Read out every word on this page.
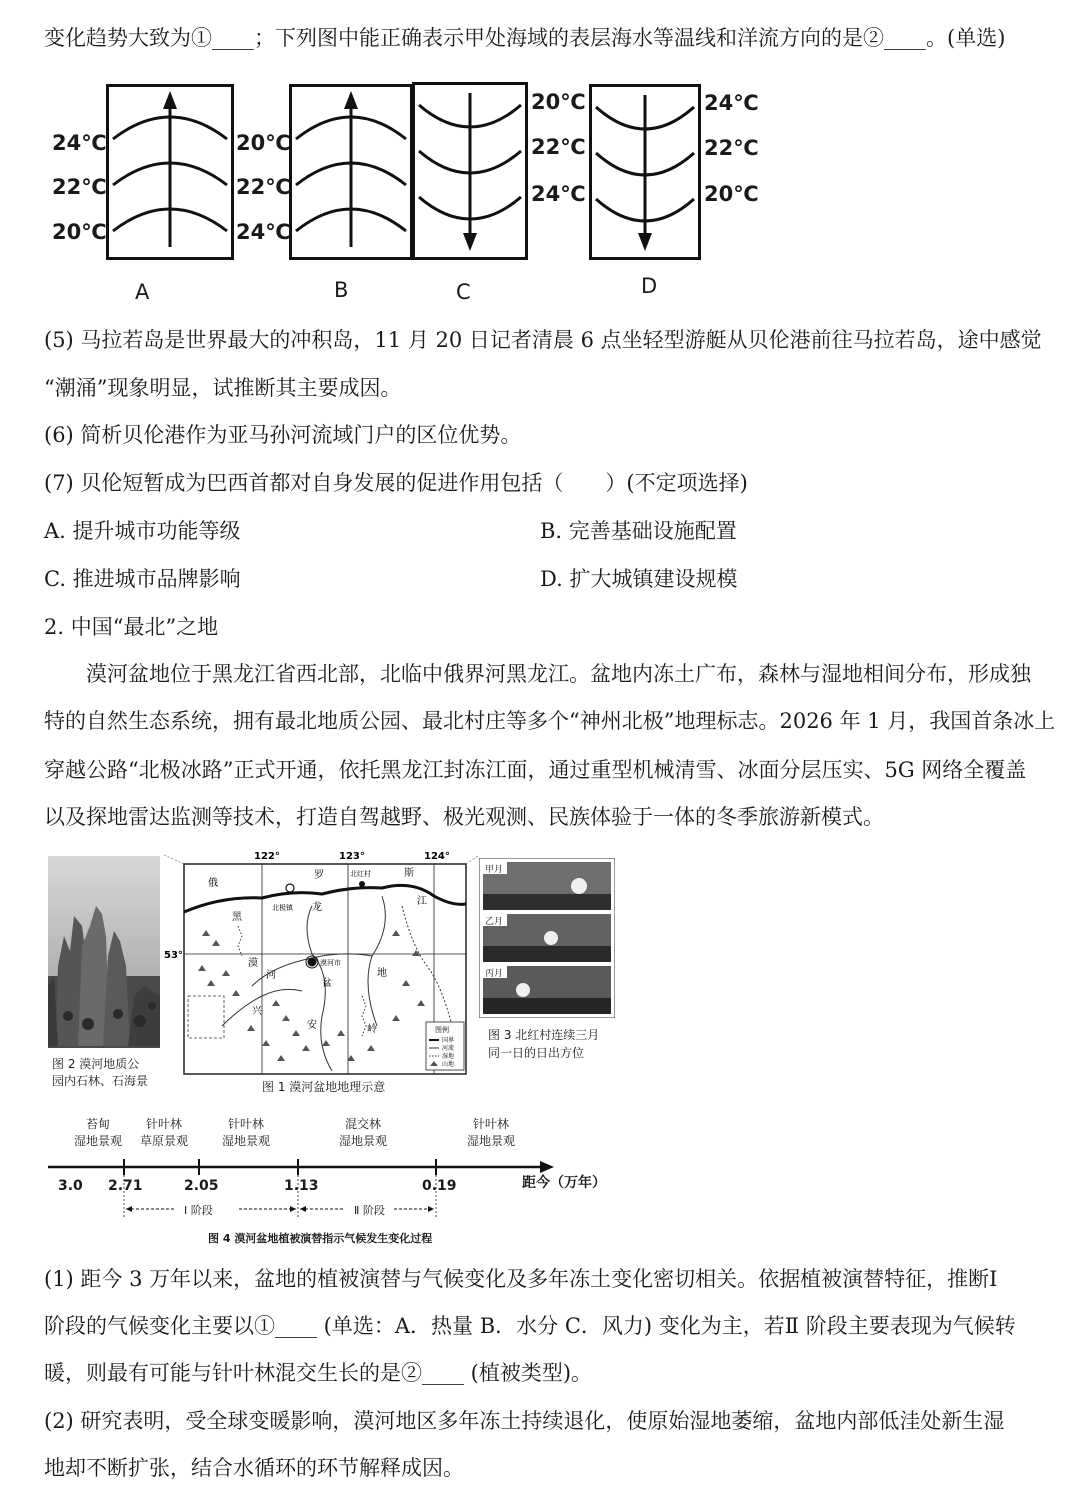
变化趋势大致为①____；下列图中能正确表示甲处海域的表层海水等温线和洋流方向的是②____。(单选)
24℃
22℃
20℃
A
20℃
22℃
24℃
B
20℃
22℃
24℃
C
24℃
22℃
20℃
D
(5) 马拉若岛是世界最大的冲积岛，11 月 20 日记者清晨 6 点坐轻型游艇从贝伦港前往马拉若岛，途中感觉
“潮涌”现象明显，试推断其主要成因。
(6) 简析贝伦港作为亚马孙河流域门户的区位优势。
(7) 贝伦短暂成为巴西首都对自身发展的促进作用包括（　　）(不定项选择)
A. 提升城市功能等级	B. 完善基础设施配置
C. 推进城市品牌影响	D. 扩大城镇建设规模
2. 中国“最北”之地
漠河盆地位于黑龙江省西北部，北临中俄界河黑龙江。盆地内冻土广布，森林与湿地相间分布，形成独
特的自然生态系统，拥有最北地质公园、最北村庄等多个“神州北极”地理标志。2026 年 1 月，我国首条冰上
穿越公路“北极冰路”正式开通，依托黑龙江封冻江面，通过重型机械清雪、冰面分层压实、5G 网络全覆盖
以及探地雷达监测等技术，打造自驾越野、极光观测、民族体验于一体的冬季旅游新模式。
图 2 漠河地质公
园内石林、石海景
122°	123°	124°
53°
俄
罗	斯
黑
龙
江
漠
河
盆
地
兴
安	岭
北极镇
北红村
漠河市
图例
国界
河流
湿地
山地
图 1 漠河盆地地理示意
甲月
乙月
丙月
图 3 北红村连续三月
同一日的日出方位
苔甸
湿地景观
针叶林
草原景观
针叶林
湿地景观
混交林
湿地景观
针叶林
湿地景观
3.0 2.71	2.05	1.13	0.19	距今（万年）
Ⅰ 阶段	Ⅱ 阶段
图 4 漠河盆地植被演替指示气候发生变化过程
(1) 距今 3 万年以来，盆地的植被演替与气候变化及多年冻土变化密切相关。依据植被演替特征，推断Ⅰ
阶段的气候变化主要以①____ (单选：A．热量 B．水分 C．风力) 变化为主，若Ⅱ 阶段主要表现为气候转
暖，则最有可能与针叶林混交生长的是②____ (植被类型)。
(2) 研究表明，受全球变暖影响，漠河地区多年冻土持续退化，使原始湿地萎缩，盆地内部低洼处新生湿
地却不断扩张，结合水循环的环节解释成因。
